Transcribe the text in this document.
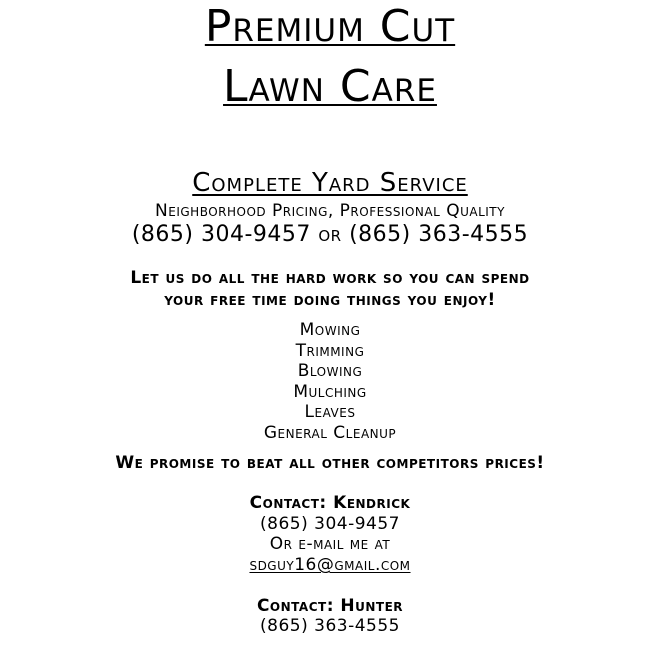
Premium Cut
Lawn Care
Complete Yard Service
Neighborhood Pricing, Professional Quality
(865) 304-9457 or (865) 363-4555
Let us do all the hard work so you can spend
your free time doing things you enjoy!
Mowing
Trimming
Blowing
Mulching
Leaves
General Cleanup
We promise to beat all other competitors prices!
Contact: Kendrick
(865) 304-9457
Or e-mail me at
sdguy16@gmail.com
Contact: Hunter
(865) 363-4555
